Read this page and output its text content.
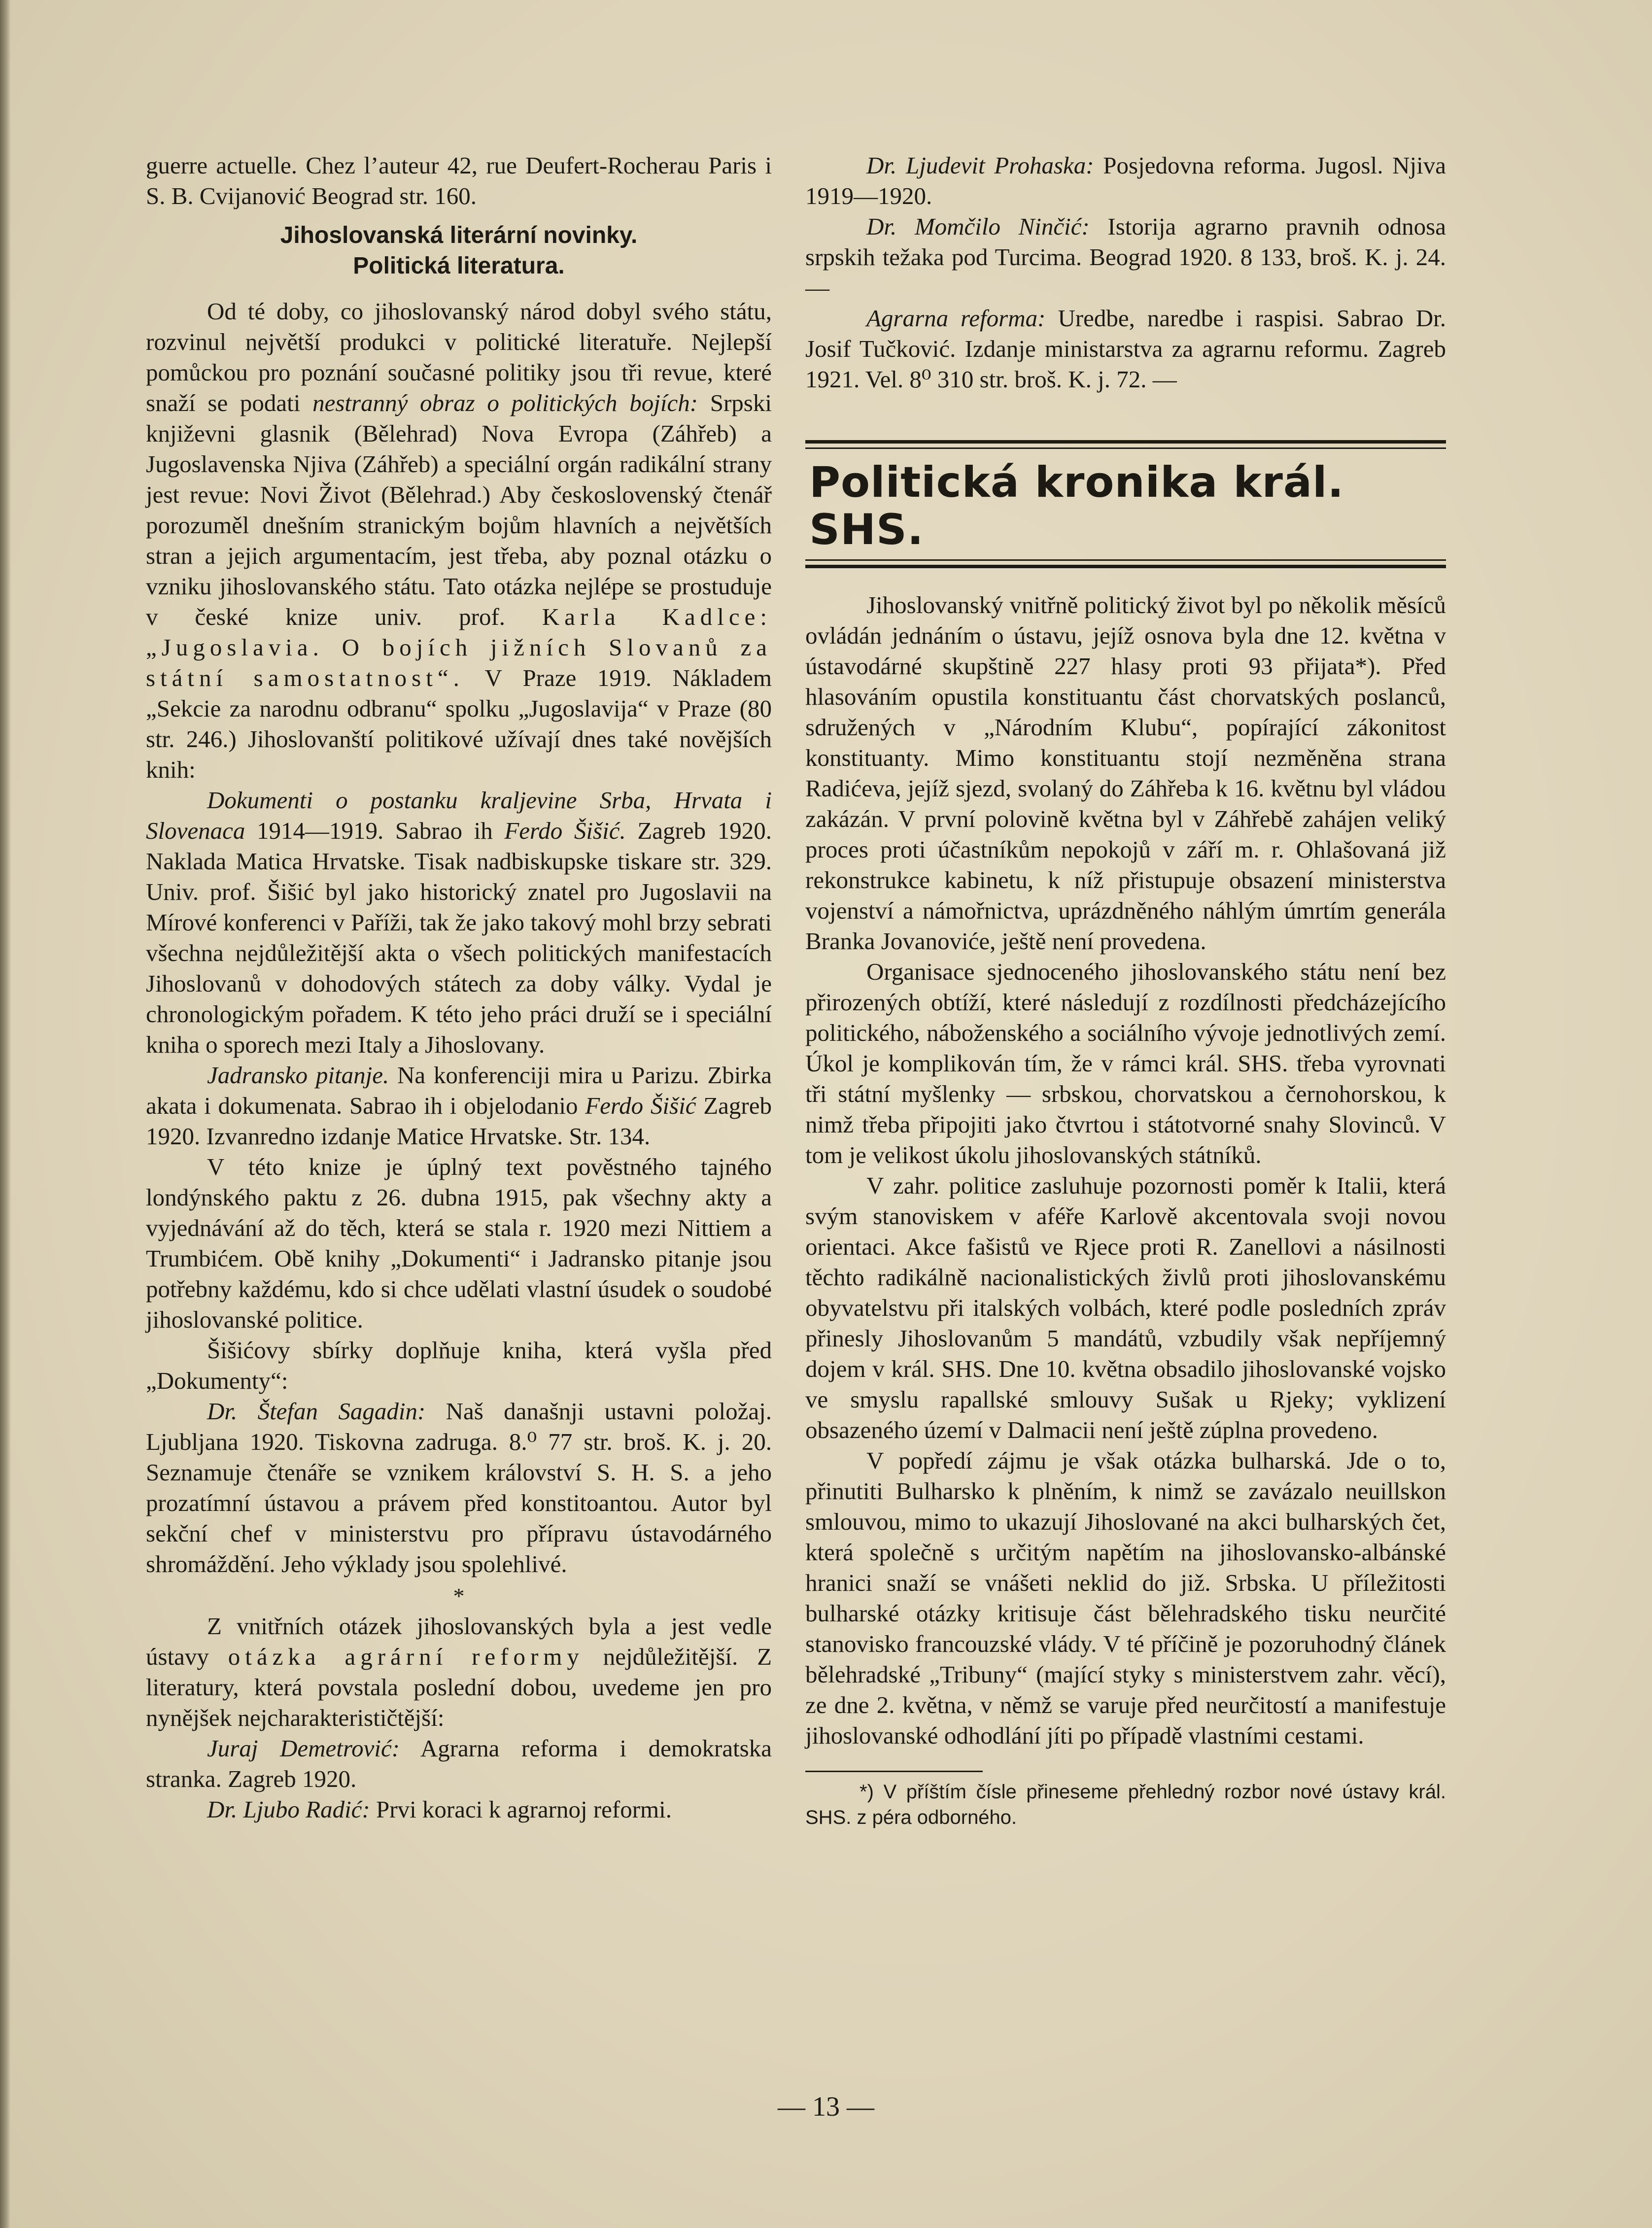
guerre actuelle. Chez l’auteur 42, rue Deufert-Rocherau Paris i S. B. Cvijanović Beograd str. 160.

Jihoslovanská literární novinky.
Politická literatura.

Od té doby, co jihoslovanský národ dobyl svého státu, rozvinul největší produkci v politické literatuře. Nejlepší pomůckou pro poznání současné politiky jsou tři revue, které snaží se podati nestranný obraz o politických bojích: Srpski književni glasnik (Bělehrad) Nova Evropa (Záhřeb) a Jugoslavenska Njiva (Záhřeb) a speciální orgán radikální strany jest revue: Novi Život (Bělehrad.) Aby československý čtenář porozuměl dnešním stranickým bojům hlavních a největších stran a jejich argumentacím, jest třeba, aby poznal otázku o vzniku jihoslovanského státu. Tato otázka nejlépe se prostuduje v české knize univ. prof. Karla Kadlce: „Jugoslavia. O bojích jižních Slovanů za státní samostatnost“. V Praze 1919. Nákladem „Sekcie za narodnu odbranu“ spolku „Jugoslavija“ v Praze (80 str. 246.) Jihoslovanští politikové užívají dnes také novějších knih:

Dokumenti o postanku kraljevine Srba, Hrvata i Slovenaca 1914—1919. Sabrao ih Ferdo Šišić. Zagreb 1920. Naklada Matica Hrvatske. Tisak nadbiskupske tiskare str. 329. Univ. prof. Šišić byl jako historický znatel pro Jugoslavii na Mírové konferenci v Paříži, tak že jako takový mohl brzy sebrati všechna nejdůležitější akta o všech politických manifestacích Jihoslovanů v dohodových státech za doby války. Vydal je chronologickým pořadem. K této jeho práci druží se i speciální kniha o sporech mezi Italy a Jihoslovany.

Jadransko pitanje. Na konferenciji mira u Parizu. Zbirka akata i dokumenata. Sabrao ih i objelodanio Ferdo Šišić Zagreb 1920. Izvanredno izdanje Matice Hrvatske. Str. 134.

V této knize je úplný text pověstného tajného londýnského paktu z 26. dubna 1915, pak všechny akty a vyjednávání až do těch, která se stala r. 1920 mezi Nittiem a Trumbićem. Obě knihy „Dokumenti“ i Jadransko pitanje jsou potřebny každému, kdo si chce udělati vlastní úsudek o soudobé jihoslovanské politice.

Šišićovy sbírky doplňuje kniha, která vyšla před „Dokumenty“:

Dr. Štefan Sagadin: Naš današnji ustavni položaj. Ljubljana 1920. Tiskovna zadruga. 8.⁰ 77 str. broš. K. j. 20. Seznamuje čtenáře se vznikem království S. H. S. a jeho prozatímní ústavou a právem před konstitoantou. Autor byl sekční chef v ministerstvu pro přípravu ústavodárného shromáždění. Jeho výklady jsou spolehlivé.

*

Z vnitřních otázek jihoslovanských byla a jest vedle ústavy otázka agrární reformy nejdůležitější. Z literatury, která povstala poslední dobou, uvedeme jen pro nynějšek nejcharakterističtější:

Juraj Demetrović: Agrarna reforma i demokratska stranka. Zagreb 1920.

Dr. Ljubo Radić: Prvi koraci k agrarnoj reformi.

Dr. Ljudevit Prohaska: Posjedovna reforma. Jugosl. Njiva 1919—1920.

Dr. Momčilo Ninčić: Istorija agrarno pravnih odnosa srpskih težaka pod Turcima. Beograd 1920. 8 133, broš. K. j. 24.—

Agrarna reforma: Uredbe, naredbe i raspisi. Sabrao Dr. Josif Tučković. Izdanje ministarstva za agrarnu reformu. Zagreb 1921. Vel. 8⁰ 310 str. broš. K. j. 72. —

Politická kronika král. SHS.

Jihoslovanský vnitřně politický život byl po několik měsíců ovládán jednáním o ústavu, jejíž osnova byla dne 12. května v ústavodárné skupštině 227 hlasy proti 93 přijata*). Před hlasováním opustila konstituantu část chorvatských poslanců, sdružených v „Národním Klubu“, popírající zákonitost konstituanty. Mimo konstituantu stojí nezměněna strana Radićeva, jejíž sjezd, svolaný do Záhřeba k 16. květnu byl vládou zakázán. V první polovině května byl v Záhřebě zahájen veliký proces proti účastníkům nepokojů v září m. r. Ohlašovaná již rekonstrukce kabinetu, k níž přistupuje obsazení ministerstva vojenství a námořnictva, uprázdněného náhlým úmrtím generála Branka Jovanoviće, ještě není provedena.

Organisace sjednoceného jihoslovanského státu není bez přirozených obtíží, které následují z rozdílnosti předcházejícího politického, náboženského a sociálního vývoje jednotlivých zemí. Úkol je komplikován tím, že v rámci král. SHS. třeba vyrovnati tři státní myšlenky — srbskou, chorvatskou a černohorskou, k nimž třeba připojiti jako čtvrtou i státotvorné snahy Slovinců. V tom je velikost úkolu jihoslovanských státníků.

V zahr. politice zasluhuje pozornosti poměr k Italii, která svým stanoviskem v aféře Karlově akcentovala svoji novou orientaci. Akce fašistů ve Rjece proti R. Zanellovi a násilnosti těchto radikálně nacionalistických živlů proti jihoslovanskému obyvatelstvu při italských volbách, které podle posledních zpráv přinesly Jihoslovanům 5 mandátů, vzbudily však nepříjemný dojem v král. SHS. Dne 10. května obsadilo jihoslovanské vojsko ve smyslu rapallské smlouvy Sušak u Rjeky; vyklizení obsazeného území v Dalmacii není ještě zúplna provedeno.

V popředí zájmu je však otázka bulharská. Jde o to, přinutiti Bulharsko k plněním, k nimž se zavázalo neuillskon smlouvou, mimo to ukazují Jihoslované na akci bulharských čet, která společně s určitým napětím na jihoslovansko-albánské hranici snaží se vnášeti neklid do již. Srbska. U příležitosti bulharské otázky kritisuje část bělehradského tisku neurčité stanovisko francouzské vlády. V té příčině je pozoruhodný článek bělehradské „Tribuny“ (mající styky s ministerstvem zahr. věcí), ze dne 2. května, v němž se varuje před neurčitostí a manifestuje jihoslovanské odhodlání jíti po případě vlastními cestami.

*) V příštím čísle přineseme přehledný rozbor nové ústavy král. SHS. z péra odborného.

— 13 —
